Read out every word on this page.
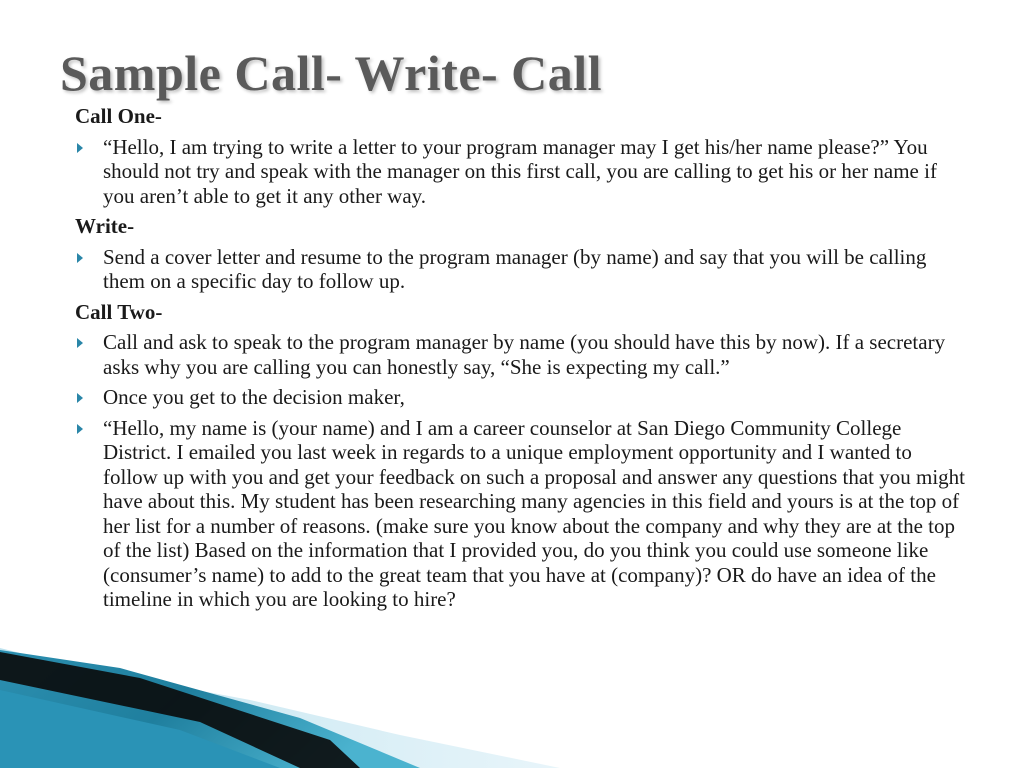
Sample Call- Write- Call

Call One-

“Hello, I am trying to write a letter to your program manager may I get his/her name please?” You should not try and speak with the manager on this first call, you are calling to get his or her name if you aren’t able to get it any other way.

Write-

Send a cover letter and resume to the program manager (by name) and say that you will be calling them on a specific day to follow up.

Call Two-

Call and ask to speak to the program manager by name (you should have this by now). If a secretary asks why you are calling you can honestly say, “She is expecting my call.”
Once you get to the decision maker,
“Hello, my name is (your name) and I am a career counselor at San Diego Community College District. I emailed you last week in regards to a unique employment opportunity and I wanted to follow up with you and get your feedback on such a proposal and answer any questions that you might have about this. My student has been researching many agencies in this field and yours is at the top of her list for a number of reasons. (make sure you know about the company and why they are at the top of the list) Based on the information that I provided you, do you think you could use someone like (consumer’s name) to add to the great team that you have at (company)? OR do have an idea of the timeline in which you are looking to hire?
